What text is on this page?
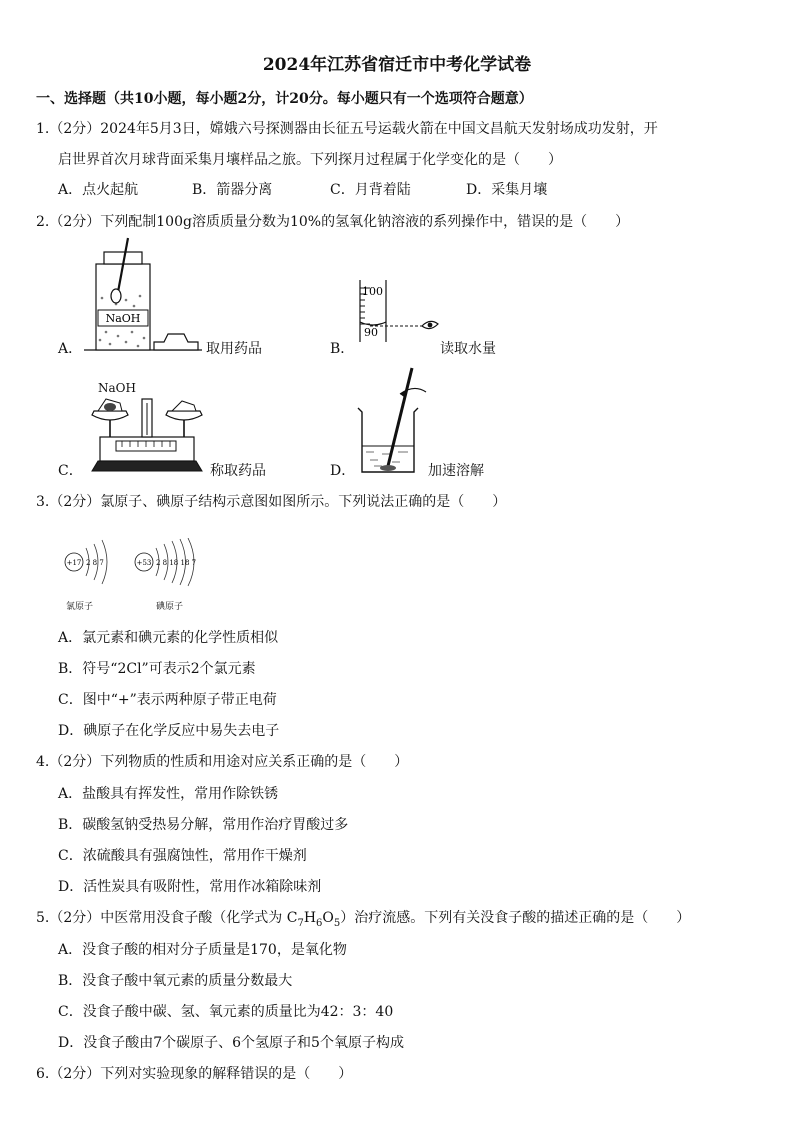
2024年江苏省宿迁市中考化学试卷
一、选择题（共10小题，每小题2分，计20分。每小题只有一个选项符合题意）
1.（2分）2024年5月3日，嫦娥六号探测器由长征五号运载火箭在中国文昌航天发射场成功发射，开
启世界首次月球背面采集月壤样品之旅。下列探月过程属于化学变化的是（　　）
A．点火起航	B．箭器分离	C．月背着陆	D．采集月壤
2.（2分）下列配制100g溶质质量分数为10%的氢氧化钠溶液的系列操作中，错误的是（　　）
A．
NaOH
取用药品	B．
100
90
读取水量
C．
NaOH
称取药品	D．	加速溶解
3.（2分）氯原子、碘原子结构示意图如图所示。下列说法正确的是（　　）
+17 2 8 7	+53 2 8 18 18 7
氯原子	碘原子
A．氯元素和碘元素的化学性质相似
B．符号“2Cl”可表示2个氯元素
C．图中“+”表示两种原子带正电荷
D．碘原子在化学反应中易失去电子
4.（2分）下列物质的性质和用途对应关系正确的是（　　）
A．盐酸具有挥发性，常用作除铁锈
B．碳酸氢钠受热易分解，常用作治疗胃酸过多
C．浓硫酸具有强腐蚀性，常用作干燥剂
D．活性炭具有吸附性，常用作冰箱除味剂
5.（2分）中医常用没食子酸（化学式为 $C_7H_6O_5$）治疗流感。下列有关没食子酸的描述正确的是（　　）
A．没食子酸的相对分子质量是170，是氧化物
B．没食子酸中氧元素的质量分数最大
C．没食子酸中碳、氢、氧元素的质量比为42：3：40
D．没食子酸由7个碳原子、6个氢原子和5个氧原子构成
6.（2分）下列对实验现象的解释错误的是（　　）
